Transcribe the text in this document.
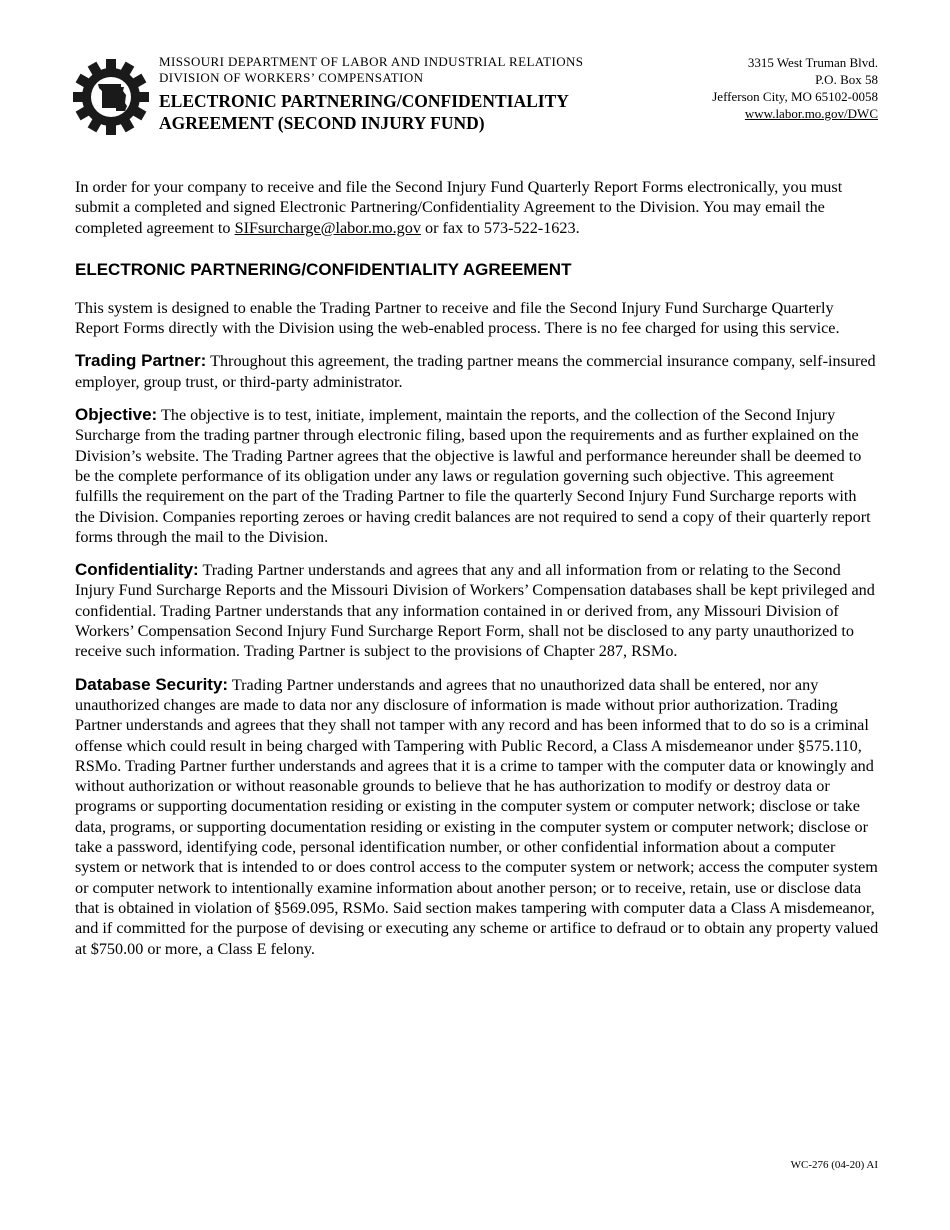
MISSOURI DEPARTMENT OF LABOR AND INDUSTRIAL RELATIONS
DIVISION OF WORKERS’ COMPENSATION
ELECTRONIC PARTNERING/CONFIDENTIALITY
AGREEMENT (SECOND INJURY FUND)
3315 West Truman Blvd.
P.O. Box 58
Jefferson City, MO 65102-0058
www.labor.mo.gov/DWC

In order for your company to receive and file the Second Injury Fund Quarterly Report Forms electronically, you must submit a completed and signed Electronic Partnering/Confidentiality Agreement to the Division. You may email the completed agreement to SIFsurcharge@labor.mo.gov or fax to 573-522-1623.

ELECTRONIC PARTNERING/CONFIDENTIALITY AGREEMENT

This system is designed to enable the Trading Partner to receive and file the Second Injury Fund Surcharge Quarterly Report Forms directly with the Division using the web-enabled process. There is no fee charged for using this service.

Trading Partner: Throughout this agreement, the trading partner means the commercial insurance company, self-insured employer, group trust, or third-party administrator.

Objective: The objective is to test, initiate, implement, maintain the reports, and the collection of the Second Injury Surcharge from the trading partner through electronic filing, based upon the requirements and as further explained on the Division’s website. The Trading Partner agrees that the objective is lawful and performance hereunder shall be deemed to be the complete performance of its obligation under any laws or regulation governing such objective. This agreement fulfills the requirement on the part of the Trading Partner to file the quarterly Second Injury Fund Surcharge reports with the Division. Companies reporting zeroes or having credit balances are not required to send a copy of their quarterly report forms through the mail to the Division.

Confidentiality: Trading Partner understands and agrees that any and all information from or relating to the Second Injury Fund Surcharge Reports and the Missouri Division of Workers’ Compensation databases shall be kept privileged and confidential. Trading Partner understands that any information contained in or derived from, any Missouri Division of Workers’ Compensation Second Injury Fund Surcharge Report Form, shall not be disclosed to any party unauthorized to receive such information. Trading Partner is subject to the provisions of Chapter 287, RSMo.

Database Security: Trading Partner understands and agrees that no unauthorized data shall be entered, nor any unauthorized changes are made to data nor any disclosure of information is made without prior authorization. Trading Partner understands and agrees that they shall not tamper with any record and has been informed that to do so is a criminal offense which could result in being charged with Tampering with Public Record, a Class A misdemeanor under §575.110, RSMo. Trading Partner further understands and agrees that it is a crime to tamper with the computer data or knowingly and without authorization or without reasonable grounds to believe that he has authorization to modify or destroy data or programs or supporting documentation residing or existing in the computer system or computer network; disclose or take data, programs, or supporting documentation residing or existing in the computer system or computer network; disclose or take a password, identifying code, personal identification number, or other confidential information about a computer system or network that is intended to or does control access to the computer system or network; access the computer system or computer network to intentionally examine information about another person; or to receive, retain, use or disclose data that is obtained in violation of §569.095, RSMo. Said section makes tampering with computer data a Class A misdemeanor, and if committed for the purpose of devising or executing any scheme or artifice to defraud or to obtain any property valued at $750.00 or more, a Class E felony.

WC-276 (04-20) AI
